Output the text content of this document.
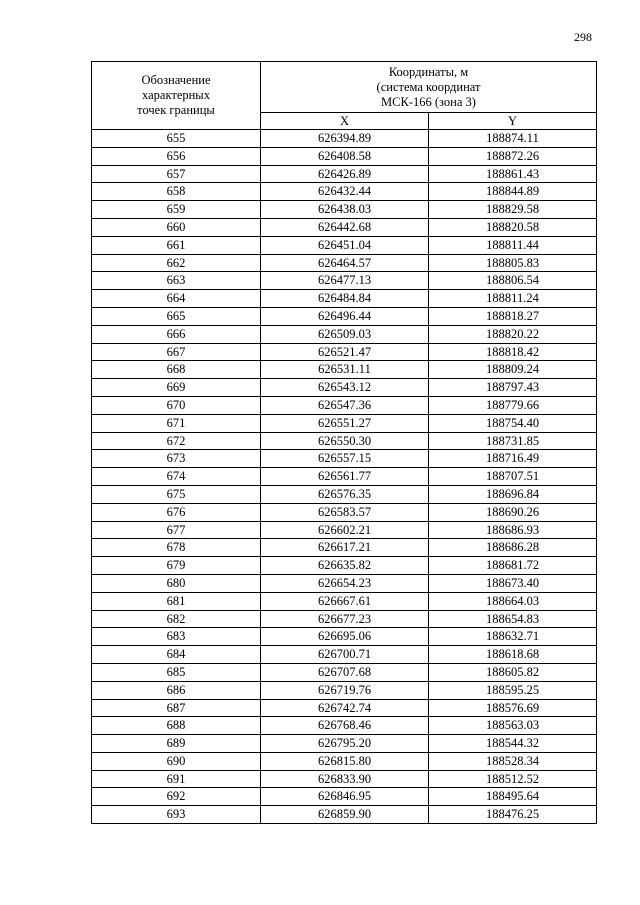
298
Обозначение
характерных
точек границы	Координаты, м
(система координат
МСК-166 (зона 3)	

	X	Y
655	626394.89	188874.11
656	626408.58	188872.26
657	626426.89	188861.43
658	626432.44	188844.89
659	626438.03	188829.58
660	626442.68	188820.58
661	626451.04	188811.44
662	626464.57	188805.83
663	626477.13	188806.54
664	626484.84	188811.24
665	626496.44	188818.27
666	626509.03	188820.22
667	626521.47	188818.42
668	626531.11	188809.24
669	626543.12	188797.43
670	626547.36	188779.66
671	626551.27	188754.40
672	626550.30	188731.85
673	626557.15	188716.49
674	626561.77	188707.51
675	626576.35	188696.84
676	626583.57	188690.26
677	626602.21	188686.93
678	626617.21	188686.28
679	626635.82	188681.72
680	626654.23	188673.40
681	626667.61	188664.03
682	626677.23	188654.83
683	626695.06	188632.71
684	626700.71	188618.68
685	626707.68	188605.82
686	626719.76	188595.25
687	626742.74	188576.69
688	626768.46	188563.03
689	626795.20	188544.32
690	626815.80	188528.34
691	626833.90	188512.52
692	626846.95	188495.64
693	626859.90	188476.25
